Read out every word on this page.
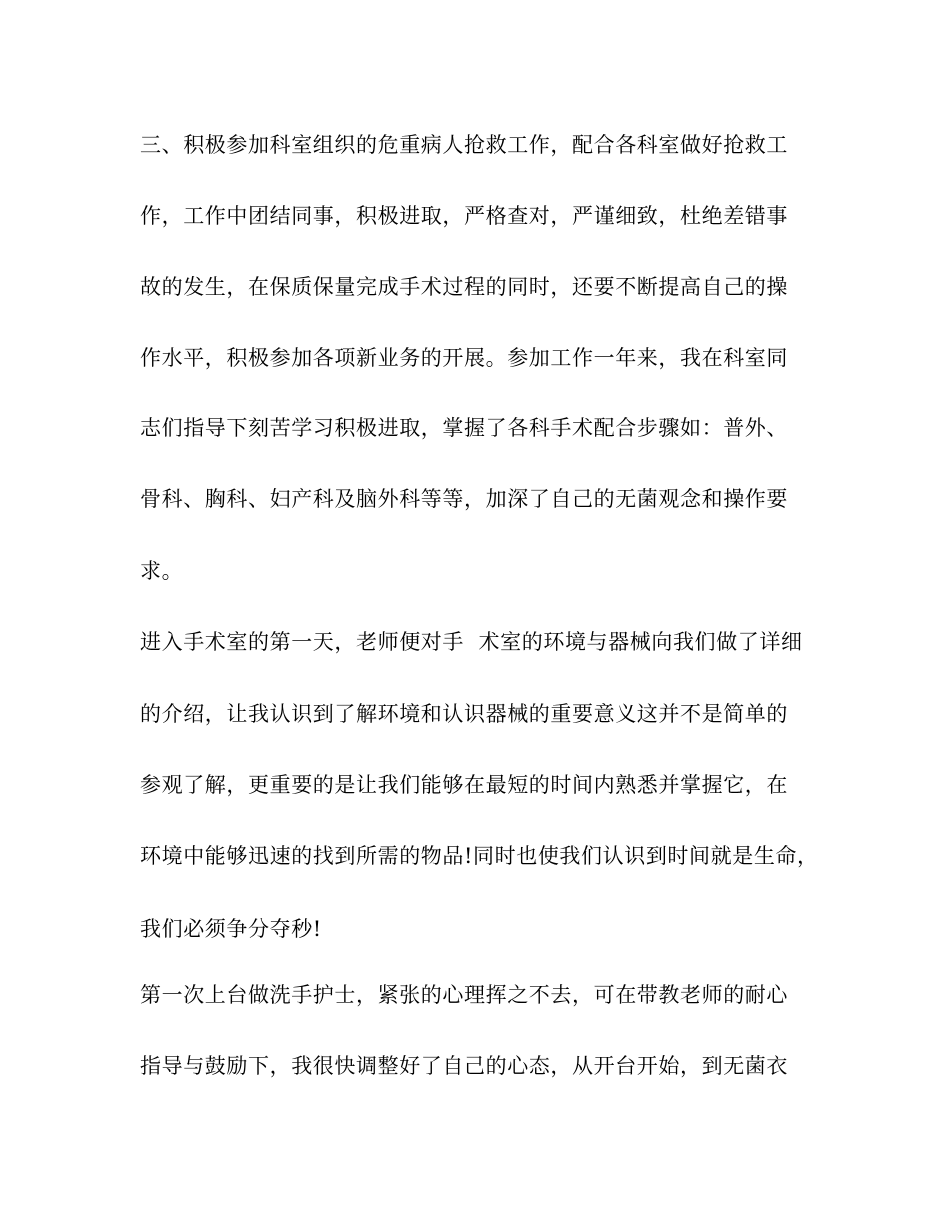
三、积极参加科室组织的危重病人抢救工作，配合各科室做好抢救工
作，工作中团结同事，积极进取，严格查对，严谨细致，杜绝差错事
故的发生，在保质保量完成手术过程的同时，还要不断提高自己的操
作水平，积极参加各项新业务的开展。参加工作一年来，我在科室同
志们指导下刻苦学习积极进取，掌握了各科手术配合步骤如：普外、
骨科、胸科、妇产科及脑外科等等，加深了自己的无菌观念和操作要
求。
进入手术室的第一天，老师便对手  术室的环境与器械向我们做了详细
的介绍，让我认识到了解环境和认识器械的重要意义这并不是简单的
参观了解，更重要的是让我们能够在最短的时间内熟悉并掌握它，在
环境中能够迅速的找到所需的物品!同时也使我们认识到时间就是生命，
我们必须争分夺秒!
第一次上台做洗手护士，紧张的心理挥之不去，可在带教老师的耐心
指导与鼓励下，我很快调整好了自己的心态，从开台开始，到无菌衣
